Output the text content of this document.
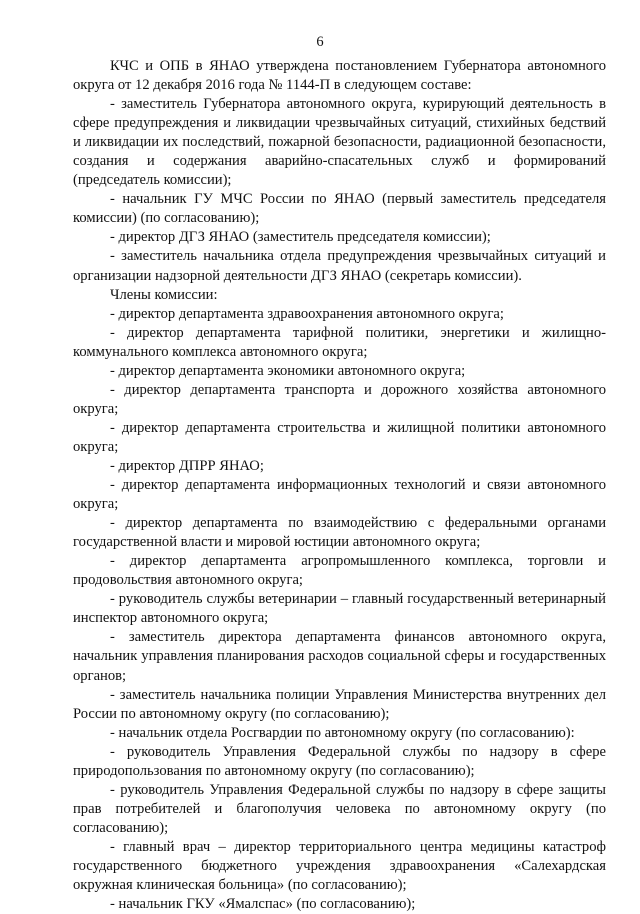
6

КЧС и ОПБ в ЯНАО утверждена постановлением Губернатора автономного округа от 12 декабря 2016 года № 1144-П в следующем составе:

- заместитель Губернатора автономного округа, курирующий деятельность в сфере предупреждения и ликвидации чрезвычайных ситуаций, стихийных бедствий и ликвидации их последствий, пожарной безопасности, радиационной безопасности, создания и содержания аварийно-спасательных служб и формирований (председатель комиссии);

- начальник ГУ МЧС России по ЯНАО (первый заместитель председателя комиссии) (по согласованию);

- директор ДГЗ ЯНАО (заместитель председателя комиссии);

- заместитель начальника отдела предупреждения чрезвычайных ситуаций и организации надзорной деятельности ДГЗ ЯНАО (секретарь комиссии).

Члены комиссии:

- директор департамента здравоохранения автономного округа;

- директор департамента тарифной политики, энергетики и жилищно-коммунального комплекса автономного округа;

- директор департамента экономики автономного округа;

- директор департамента транспорта и дорожного хозяйства автономного округа;

- директор департамента строительства и жилищной политики автономного округа;

- директор ДПРР ЯНАО;

- директор департамента информационных технологий и связи автономного округа;

- директор департамента по взаимодействию с федеральными органами государственной власти и мировой юстиции автономного округа;

- директор департамента агропромышленного комплекса, торговли и продовольствия автономного округа;

- руководитель службы ветеринарии – главный государственный ветеринарный инспектор автономного округа;

- заместитель директора департамента финансов автономного округа, начальник управления планирования расходов социальной сферы и государственных органов;

- заместитель начальника полиции Управления Министерства внутренних дел России по автономному округу (по согласованию);

- начальник отдела Росгвардии по автономному округу (по согласованию):

- руководитель Управления Федеральной службы по надзору в сфере природопользования по автономному округу (по согласованию);

- руководитель Управления Федеральной службы по надзору в сфере защиты прав потребителей и благополучия человека по автономному округу (по согласованию);

- главный врач – директор территориального центра медицины катастроф государственного бюджетного учреждения здравоохранения «Салехардская окружная клиническая больница» (по согласованию);

- начальник ГКУ «Ямалспас» (по согласованию);
